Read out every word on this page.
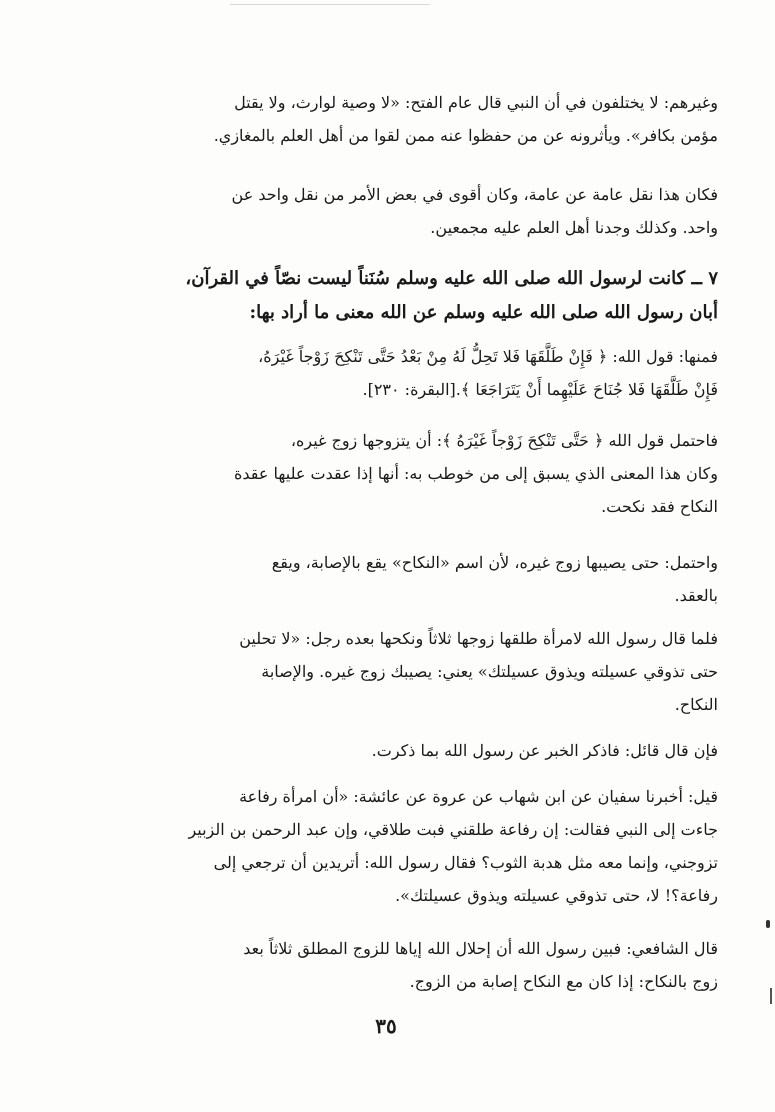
وغيرهم: لا يختلفون في أن النبي قال عام الفتح: «لا وصية لوارث، ولا يقتل
مؤمن بكافر». ويأثرونه عن من حفظوا عنه ممن لقوا من أهل العلم بالمغازي.
فكان هذا نقل عامة عن عامة، وكان أقوى في بعض الأمر من نقل واحد عن
واحد. وكذلك وجدنا أهل العلم عليه مجمعين.
٧ ــ كانت لرسول الله صلى الله عليه وسلم سُنَناً ليست نصّاً في القرآن،
أبان رسول الله صلى الله عليه وسلم عن الله معنى ما أراد بها:
فمنها: قول الله: ﴿ فَإِنْ طَلَّقَهَا فَلا تَحِلُّ لَهُ مِنْ بَعْدُ حَتَّى تَنْكِحَ زَوْجاً غَيْرَهُ،
فَإِنْ طَلَّقَهَا فَلا جُنَاحَ عَلَيْهِما أَنْ يَتَرَاجَعَا ﴾.[البقرة: ٢٣٠].
فاحتمل قول الله ﴿ حَتَّى تَنْكِحَ زَوْجاً غَيْرَهُ ﴾: أن يتزوجها زوج غيره،
وكان هذا المعنى الذي يسبق إلى من خوطب به: أنها إذا عقدت عليها عقدة
النكاح فقد نكحت.
واحتمل: حتى يصيبها زوج غيره، لأن اسم «النكاح» يقع بالإصابة، ويقع
بالعقد.
فلما قال رسول الله لامرأة طلقها زوجها ثلاثاً ونكحها بعده رجل: «لا تحلين
حتى تذوقي عسيلته ويذوق عسيلتك» يعني: يصيبك زوج غيره. والإصابة
النكاح.
فإن قال قائل: فاذكر الخبر عن رسول الله بما ذكرت.
قيل: أخبرنا سفيان عن ابن شهاب عن عروة عن عائشة: «أن امرأة رفاعة
جاءت إلى النبي فقالت: إن رفاعة طلقني فبت طلاقي، وإن عبد الرحمن بن الزبير
تزوجني، وإنما معه مثل هدبة الثوب؟ فقال رسول الله: أتريدين أن ترجعي إلى
رفاعة؟! لا، حتى تذوقي عسيلته ويذوق عسيلتك».
قال الشافعي: فبين رسول الله أن إحلال الله إياها للزوج المطلق ثلاثاً بعد
زوج بالنكاح: إذا كان مع النكاح إصابة من الزوج.
٣٥
